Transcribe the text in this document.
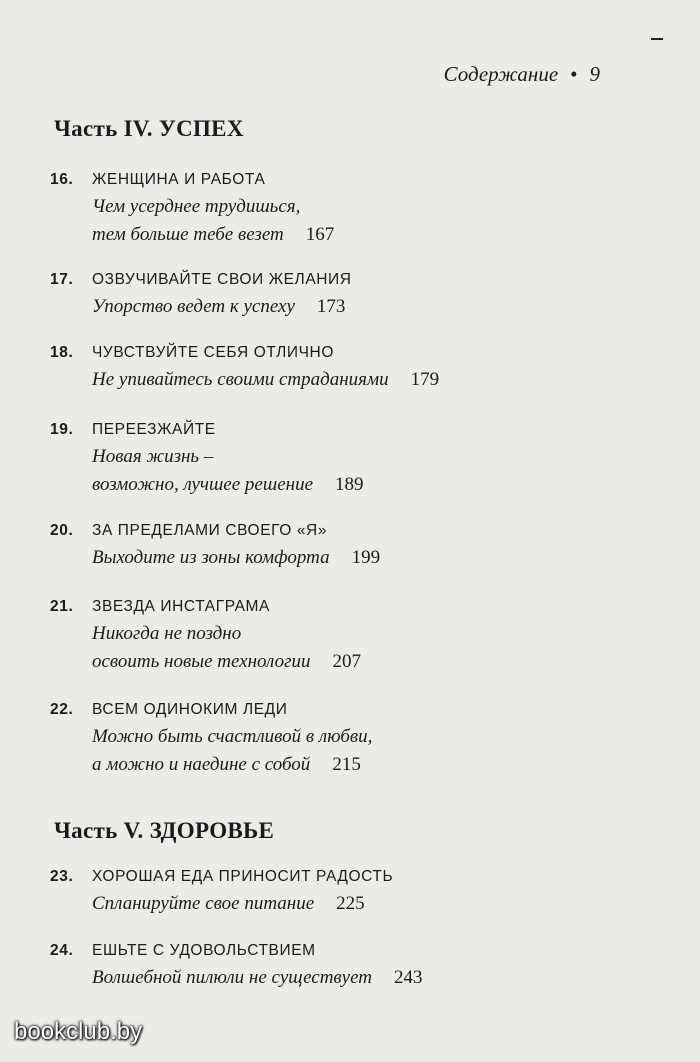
Содержание • 9
Часть IV. УСПЕХ
16. ЖЕНЩИНА И РАБОТА
Чем усерднее трудишься,
тем больше тебе везет 167
17. ОЗВУЧИВАЙТЕ СВОИ ЖЕЛАНИЯ
Упорство ведет к успеху 173
18. ЧУВСТВУЙТЕ СЕБЯ ОТЛИЧНО
Не упивайтесь своими страданиями 179
19. ПЕРЕЕЗЖАЙТЕ
Новая жизнь –
возможно, лучшее решение 189
20. ЗА ПРЕДЕЛАМИ СВОЕГО «Я»
Выходите из зоны комфорта 199
21. ЗВЕЗДА ИНСТАГРАМА
Никогда не поздно
освоить новые технологии 207
22. ВСЕМ ОДИНОКИМ ЛЕДИ
Можно быть счастливой в любви,
а можно и наедине с собой 215
Часть V. ЗДОРОВЬЕ
23. ХОРОШАЯ ЕДА ПРИНОСИТ РАДОСТЬ
Спланируйте свое питание 225
24. ЕШЬТЕ С УДОВОЛЬСТВИЕМ
Волшебной пилюли не существует 243
bookclub.by
